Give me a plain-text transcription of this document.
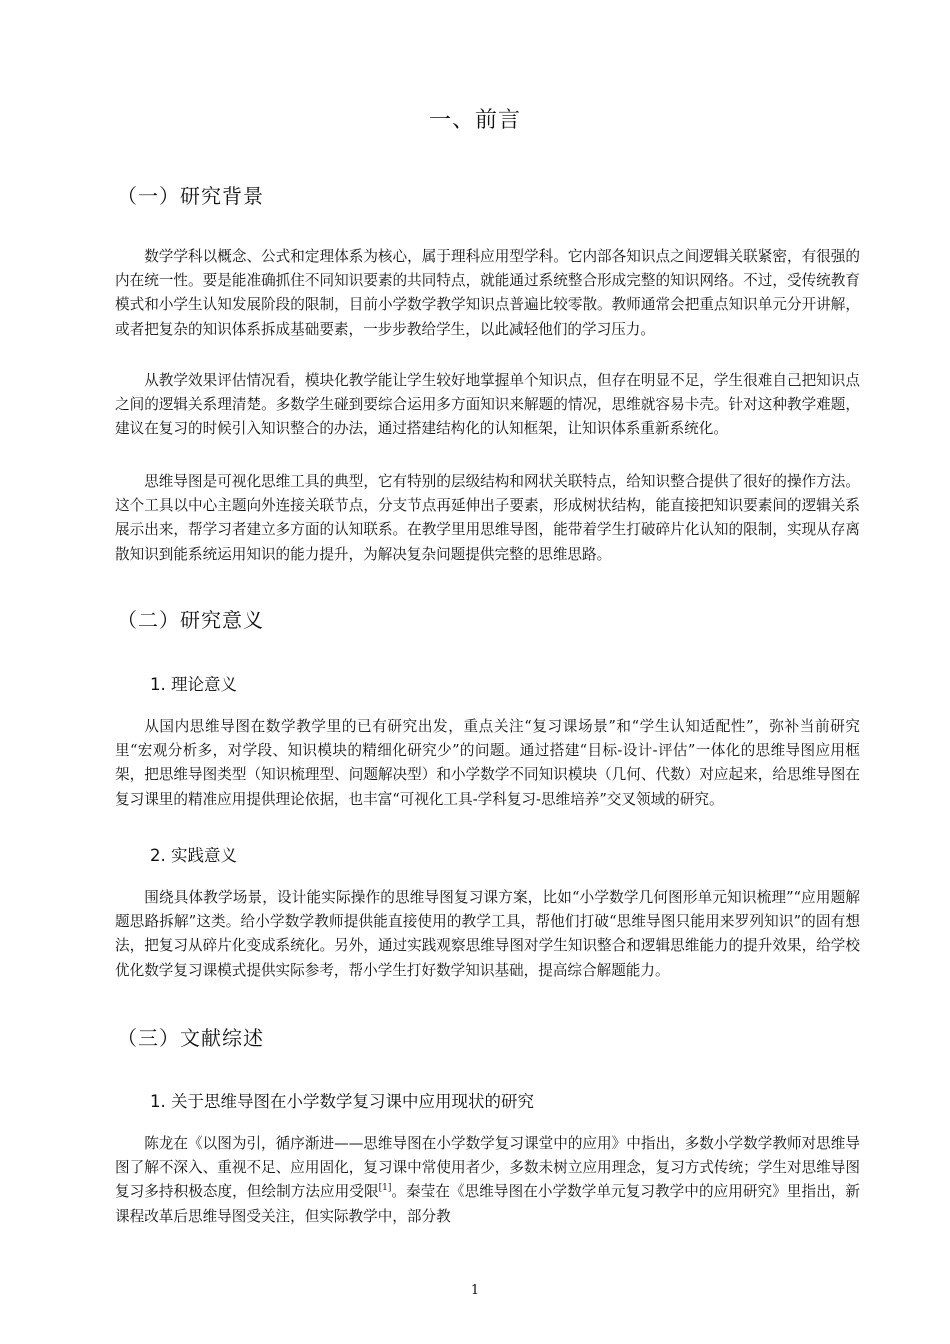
一、前言
（一）研究背景

数学学科以概念、公式和定理体系为核心，属于理科应用型学科。它内部各知识点之间逻辑关联紧密，有很强的内在统一性。要是能准确抓住不同知识要素的共同特点，就能通过系统整合形成完整的知识网络。不过，受传统教育模式和小学生认知发展阶段的限制，目前小学数学教学知识点普遍比较零散。教师通常会把重点知识单元分开讲解，或者把复杂的知识体系拆成基础要素，一步步教给学生，以此减轻他们的学习压力。

从教学效果评估情况看，模块化教学能让学生较好地掌握单个知识点，但存在明显不足，学生很难自己把知识点之间的逻辑关系理清楚。多数学生碰到要综合运用多方面知识来解题的情况，思维就容易卡壳。针对这种教学难题，建议在复习的时候引入知识整合的办法，通过搭建结构化的认知框架，让知识体系重新系统化。

思维导图是可视化思维工具的典型，它有特别的层级结构和网状关联特点，给知识整合提供了很好的操作方法。这个工具以中心主题向外连接关联节点，分支节点再延伸出子要素，形成树状结构，能直接把知识要素间的逻辑关系展示出来，帮学习者建立多方面的认知联系。在教学里用思维导图，能带着学生打破碎片化认知的限制，实现从存离散知识到能系统运用知识的能力提升，为解决复杂问题提供完整的思维思路。

（二）研究意义
1. 理论意义

从国内思维导图在数学教学里的已有研究出发，重点关注“复习课场景”和“学生认知适配性”，弥补当前研究里“宏观分析多，对学段、知识模块的精细化研究少”的问题。通过搭建“目标-设计-评估”一体化的思维导图应用框架，把思维导图类型（知识梳理型、问题解决型）和小学数学不同知识模块（几何、代数）对应起来，给思维导图在复习课里的精准应用提供理论依据，也丰富“可视化工具-学科复习-思维培养”交叉领域的研究。

2. 实践意义

围绕具体教学场景，设计能实际操作的思维导图复习课方案，比如“小学数学几何图形单元知识梳理”“应用题解题思路拆解”这类。给小学数学教师提供能直接使用的教学工具，帮他们打破“思维导图只能用来罗列知识”的固有想法，把复习从碎片化变成系统化。另外，通过实践观察思维导图对学生知识整合和逻辑思维能力的提升效果，给学校优化数学复习课模式提供实际参考，帮小学生打好数学知识基础，提高综合解题能力。

（三）文献综述
1. 关于思维导图在小学数学复习课中应用现状的研究

陈龙在《以图为引，循序渐进——思维导图在小学数学复习课堂中的应用》中指出，多数小学数学教师对思维导图了解不深入、重视不足、应用固化，复习课中常使用者少，多数未树立应用理念，复习方式传统；学生对思维导图复习多持积极态度，但绘制方法应用受限[1]。秦莹在《思维导图在小学数学单元复习教学中的应用研究》里指出，新课程改革后思维导图受关注，但实际教学中，部分教

1
